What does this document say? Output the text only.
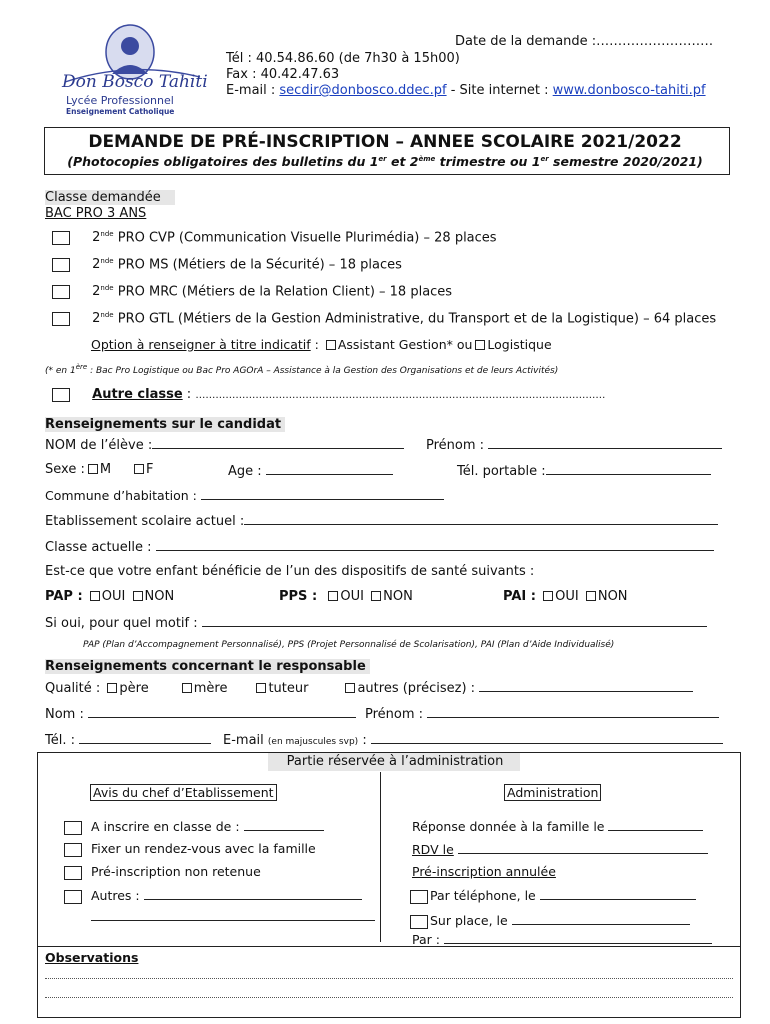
Date de la demande :………………………
Tél : 40.54.86.60 (de 7h30 à 15h00)
Fax : 40.42.47.63
E-mail : secdir@donbosco.ddec.pf - Site internet : www.donbosco-tahiti.pf
Don Bosco Tahiti
Lycée Professionnel
Enseignement Catholique
DEMANDE DE PRÉ-INSCRIPTION – ANNEE SCOLAIRE 2021/2022
(Photocopies obligatoires des bulletins du 1er et 2ème trimestre ou 1er semestre 2020/2021)
Classe demandée
BAC PRO 3 ANS
2nde PRO CVP (Communication Visuelle Plurimédia) – 28 places
2nde PRO MS (Métiers de la Sécurité) – 18 places
2nde PRO MRC (Métiers de la Relation Client) – 18 places
2nde PRO GTL (Métiers de la Gestion Administrative, du Transport et de la Logistique) – 64 places
Option à renseigner à titre indicatif : Assistant Gestion* ou Logistique
(* en 1ère : Bac Pro Logistique ou Bac Pro AGOrA – Assistance à la Gestion des Organisations et de leurs Activités)
Autre classe : ……………………………………………………………………………………………………………
Renseignements sur le candidat
NOM de l’élève :	Prénom :
Sexe : M	F	Age :	Tél. portable :
Commune d’habitation :
Etablissement scolaire actuel :
Classe actuelle :
Est-ce que votre enfant bénéficie de l’un des dispositifs de santé suivants :
PAP : OUI NON	PPS : OUI NON	PAI : OUI NON
Si oui, pour quel motif :
PAP (Plan d’Accompagnement Personnalisé), PPS (Projet Personnalisé de Scolarisation), PAI (Plan d’Aide Individualisé)
Renseignements concernant le responsable
Qualité : père	mère	tuteur	autres (précisez) :
Nom :	Prénom :
Tél. :	E-mail (en majuscules svp) :
Partie réservée à l’administration
Avis du chef d’Etablissement
A inscrire en classe de :
Fixer un rendez-vous avec la famille
Pré-inscription non retenue
Autres :
Administration
Réponse donnée à la famille le
RDV le
Pré-inscription annulée
Par téléphone, le
Sur place, le
Par :
Observations
